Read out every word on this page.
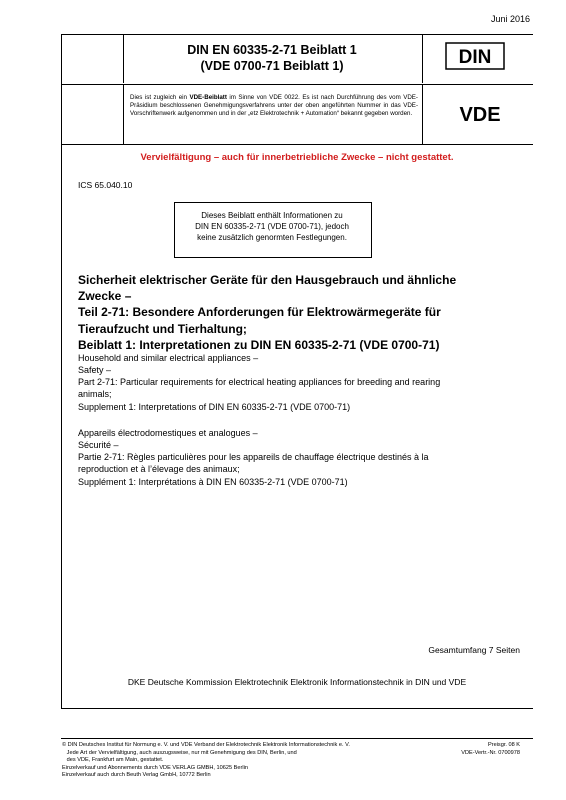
Juni 2016
DIN EN 60335-2-71 Beiblatt 1
(VDE 0700-71 Beiblatt 1)	DIN
VDE
Dies ist zugleich ein VDE-Beiblatt im Sinne von VDE 0022. Es ist nach Durchführung des vom VDE-Präsidium beschlossenen Genehmigungsverfahrens unter der oben angeführten Nummer in das VDE-Vorschriftenwerk aufgenommen und in der „etz Elektrotechnik + Automation“ bekannt gegeben worden.
Vervielfältigung – auch für innerbetriebliche Zwecke – nicht gestattet.
ICS 65.040.10
Dieses Beiblatt enthält Informationen zu
DIN EN 60335-2-71 (VDE 0700-71), jedoch
keine zusätzlich genormten Festlegungen.
Sicherheit elektrischer Geräte für den Hausgebrauch und ähnliche
Zwecke –
Teil 2-71: Besondere Anforderungen für Elektrowärmegeräte für
Tieraufzucht und Tierhaltung;
Beiblatt 1: Interpretationen zu DIN EN 60335-2-71 (VDE 0700-71)
Household and similar electrical appliances –
Safety –
Part 2-71: Particular requirements for electrical heating appliances for breeding and rearing
animals;
Supplement 1: Interpretations of DIN EN 60335-2-71 (VDE 0700-71)
Appareils électrodomestiques et analogues –
Sécurité –
Partie 2-71: Règles particulières pour les appareils de chauffage électrique destinés à la
reproduction et à l’élevage des animaux;
Supplément 1: Interprétations à DIN EN 60335-2-71 (VDE 0700-71)
Gesamtumfang 7 Seiten
DKE Deutsche Kommission Elektrotechnik Elektronik Informationstechnik in DIN und VDE
© DIN Deutsches Institut für Normung e. V. und VDE Verband der Elektrotechnik Elektronik Informationstechnik e. V.
Jede Art der Vervielfältigung, auch auszugsweise, nur mit Genehmigung des DIN, Berlin, und
des VDE, Frankfurt am Main, gestattet.
Einzelverkauf und Abonnements durch VDE VERLAG GMBH, 10625 Berlin
Einzelverkauf auch durch Beuth Verlag GmbH, 10772 Berlin
Preisgr. 08 K
VDE-Vertr.-Nr. 0700978
